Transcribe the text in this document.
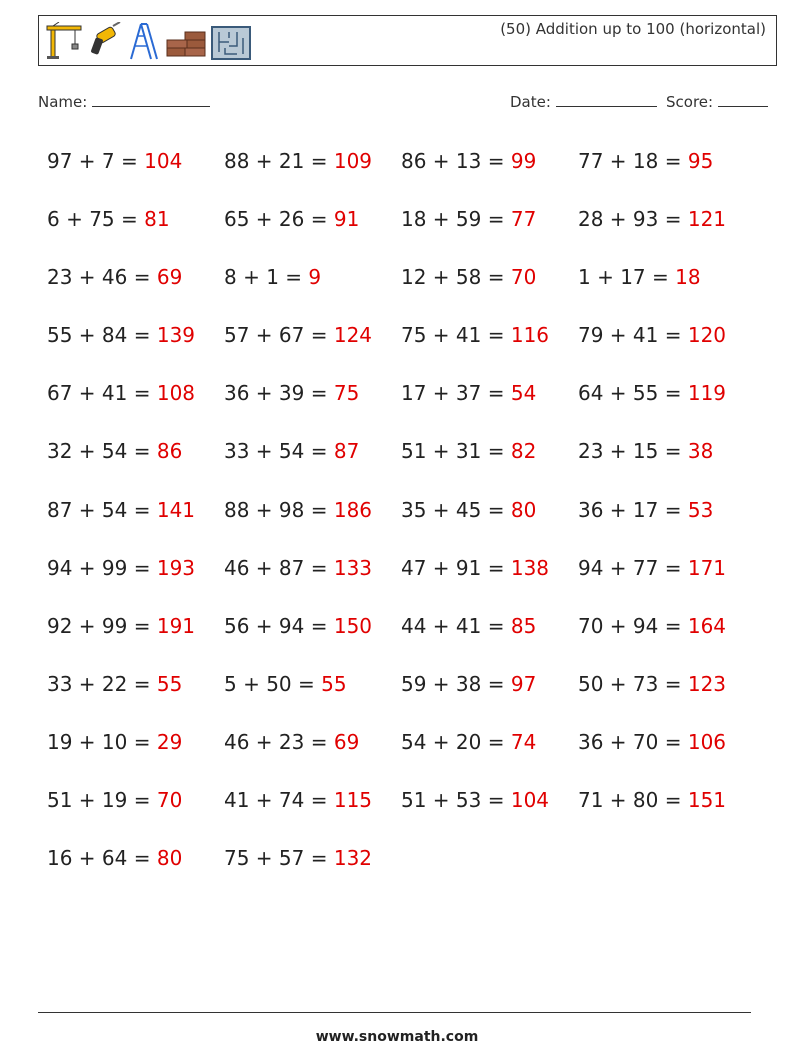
(50) Addition up to 100 (horizontal)
Name:	Date:	Score:
97 + 7 = 104	88 + 21 = 109	86 + 13 = 99	77 + 18 = 95
6 + 75 = 81	65 + 26 = 91	18 + 59 = 77	28 + 93 = 121
23 + 46 = 69	8 + 1 = 9	12 + 58 = 70	1 + 17 = 18
55 + 84 = 139	57 + 67 = 124	75 + 41 = 116	79 + 41 = 120
67 + 41 = 108	36 + 39 = 75	17 + 37 = 54	64 + 55 = 119
32 + 54 = 86	33 + 54 = 87	51 + 31 = 82	23 + 15 = 38
87 + 54 = 141	88 + 98 = 186	35 + 45 = 80	36 + 17 = 53
94 + 99 = 193	46 + 87 = 133	47 + 91 = 138	94 + 77 = 171
92 + 99 = 191	56 + 94 = 150	44 + 41 = 85	70 + 94 = 164
33 + 22 = 55	5 + 50 = 55	59 + 38 = 97	50 + 73 = 123
19 + 10 = 29	46 + 23 = 69	54 + 20 = 74	36 + 70 = 106
51 + 19 = 70	41 + 74 = 115	51 + 53 = 104	71 + 80 = 151
16 + 64 = 80	75 + 57 = 132
www.snowmath.com
